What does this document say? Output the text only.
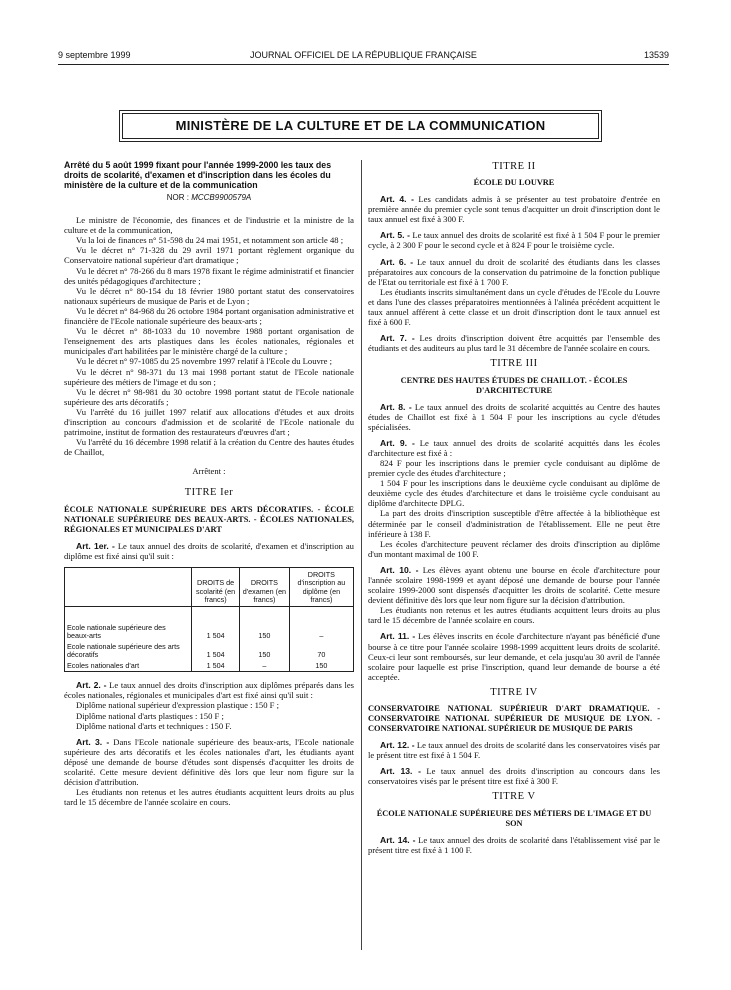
9 septembre 1999	JOURNAL OFFICIEL DE LA RÉPUBLIQUE FRANÇAISE	13539
MINISTÈRE DE LA CULTURE ET DE LA COMMUNICATION
Arrêté du 5 août 1999 fixant pour l'année 1999-2000 les taux des droits de scolarité, d'examen et d'inscription dans les écoles du ministère de la culture et de la communication
NOR : MCCB9900579A

Le ministre de l'économie, des finances et de l'industrie et la ministre de la culture et de la communication,

Vu la loi de finances n° 51-598 du 24 mai 1951, et notamment son article 48 ;

Vu le décret n° 71-328 du 29 avril 1971 portant règlement organique du Conservatoire national supérieur d'art dramatique ;

Vu le décret n° 78-266 du 8 mars 1978 fixant le régime administratif et financier des unités pédagogiques d'architecture ;

Vu le décret n° 80-154 du 18 février 1980 portant statut des conservatoires nationaux supérieurs de musique de Paris et de Lyon ;

Vu le décret n° 84-968 du 26 octobre 1984 portant organisation administrative et financière de l'Ecole nationale supérieure des beaux-arts ;

Vu le décret n° 88-1033 du 10 novembre 1988 portant organisation de l'enseignement des arts plastiques dans les écoles nationales, régionales et municipales d'art habilitées par le ministère chargé de la culture ;

Vu le décret n° 97-1085 du 25 novembre 1997 relatif à l'Ecole du Louvre ;

Vu le décret n° 98-371 du 13 mai 1998 portant statut de l'Ecole nationale supérieure des métiers de l'image et du son ;

Vu le décret n° 98-981 du 30 octobre 1998 portant statut de l'Ecole nationale supérieure des arts décoratifs ;

Vu l'arrêté du 16 juillet 1997 relatif aux allocations d'études et aux droits d'inscription au concours d'admission et de scolarité de l'Ecole nationale du patrimoine, institut de formation des restaurateurs d'œuvres d'art ;

Vu l'arrêté du 16 décembre 1998 relatif à la création du Centre des hautes études de Chaillot,

Arrêtent :
TITRE Ier
ÉCOLE NATIONALE SUPÉRIEURE DES ARTS DÉCORATIFS. - ÉCOLE NATIONALE SUPÉRIEURE DES BEAUX-ARTS. - ÉCOLES NATIONALES, RÉGIONALES ET MUNICIPALES D'ART

Art. 1er. - Le taux annuel des droits de scolarité, d'examen et d'inscription au diplôme est fixé ainsi qu'il suit :

	DROITS de scolarité (en francs)	DROITS d'examen (en francs)	DROITS d'inscription au diplôme (en francs)

Ecole nationale supérieure des beaux-arts	1 504	150	–
Ecole nationale supérieure des arts décoratifs	1 504	150	70
Ecoles nationales d'art	1 504	–	150

Art. 2. - Le taux annuel des droits d'inscription aux diplômes préparés dans les écoles nationales, régionales et municipales d'art est fixé ainsi qu'il suit :

Diplôme national supérieur d'expression plastique : 150 F ;

Diplôme national d'arts plastiques : 150 F ;

Diplôme national d'arts et techniques : 150 F.

Art. 3. - Dans l'Ecole nationale supérieure des beaux-arts, l'Ecole nationale supérieure des arts décoratifs et les écoles nationales d'art, les étudiants ayant déposé une demande de bourse d'études sont dispensés d'acquitter les droits de scolarité. Cette mesure devient définitive dès lors que leur nom figure sur la décision d'attribution.

Les étudiants non retenus et les autres étudiants acquittent leurs droits au plus tard le 15 décembre de l'année scolaire en cours.

TITRE II
ÉCOLE DU LOUVRE

Art. 4. - Les candidats admis à se présenter au test probatoire d'entrée en première année du premier cycle sont tenus d'acquitter un droit d'inscription dont le taux annuel est fixé à 300 F.

Art. 5. - Le taux annuel des droits de scolarité est fixé à 1 504 F pour le premier cycle, à 2 300 F pour le second cycle et à 824 F pour le troisième cycle.

Art. 6. - Le taux annuel du droit de scolarité des étudiants dans les classes préparatoires aux concours de la conservation du patrimoine de la fonction publique de l'Etat ou territoriale est fixé à 1 700 F.

Les étudiants inscrits simultanément dans un cycle d'études de l'Ecole du Louvre et dans l'une des classes préparatoires mentionnées à l'alinéa précédent acquittent le taux annuel afférent à cette classe et un droit d'inscription dont le taux annuel est fixé à 600 F.

Art. 7. - Les droits d'inscription doivent être acquittés par l'ensemble des étudiants et des auditeurs au plus tard le 31 décembre de l'année scolaire en cours.

TITRE III
CENTRE DES HAUTES ÉTUDES DE CHAILLOT. - ÉCOLES D'ARCHITECTURE

Art. 8. - Le taux annuel des droits de scolarité acquittés au Centre des hautes études de Chaillot est fixé à 1 504 F pour les inscriptions au cycle d'études spécialisées.

Art. 9. - Le taux annuel des droits de scolarité acquittés dans les écoles d'architecture est fixé à :

824 F pour les inscriptions dans le premier cycle conduisant au diplôme de premier cycle des études d'architecture ;

1 504 F pour les inscriptions dans le deuxième cycle conduisant au diplôme de deuxième cycle des études d'architecture et dans le troisième cycle conduisant au diplôme d'architecte DPLG.

La part des droits d'inscription susceptible d'être affectée à la bibliothèque est déterminée par le conseil d'administration de l'établissement. Elle ne peut être inférieure à 138 F.

Les écoles d'architecture peuvent réclamer des droits d'inscription au diplôme d'un montant maximal de 100 F.

Art. 10. - Les élèves ayant obtenu une bourse en école d'architecture pour l'année scolaire 1998-1999 et ayant déposé une demande de bourse pour l'année scolaire 1999-2000 sont dispensés d'acquitter les droits de scolarité. Cette mesure devient définitive dès lors que leur nom figure sur la décision d'attribution.

Les étudiants non retenus et les autres étudiants acquittent leurs droits au plus tard le 15 décembre de l'année scolaire en cours.

Art. 11. - Les élèves inscrits en école d'architecture n'ayant pas bénéficié d'une bourse à ce titre pour l'année scolaire 1998-1999 acquittent leurs droits de scolarité. Ceux-ci leur sont remboursés, sur leur demande, et cela jusqu'au 30 avril de l'année scolaire pour laquelle est prise l'inscription, quand leur demande de bourse a été acceptée.

TITRE IV
CONSERVATOIRE NATIONAL SUPÉRIEUR D'ART DRAMATIQUE. - CONSERVATOIRE NATIONAL SUPÉRIEUR DE MUSIQUE DE LYON. - CONSERVATOIRE NATIONAL SUPÉRIEUR DE MUSIQUE DE PARIS

Art. 12. - Le taux annuel des droits de scolarité dans les conservatoires visés par le présent titre est fixé à 1 504 F.

Art. 13. - Le taux annuel des droits d'inscription au concours dans les conservatoires visés par le présent titre est fixé à 300 F.

TITRE V
ÉCOLE NATIONALE SUPÉRIEURE DES MÉTIERS DE L'IMAGE ET DU SON

Art. 14. - Le taux annuel des droits de scolarité dans l'établissement visé par le présent titre est fixé à 1 100 F.
